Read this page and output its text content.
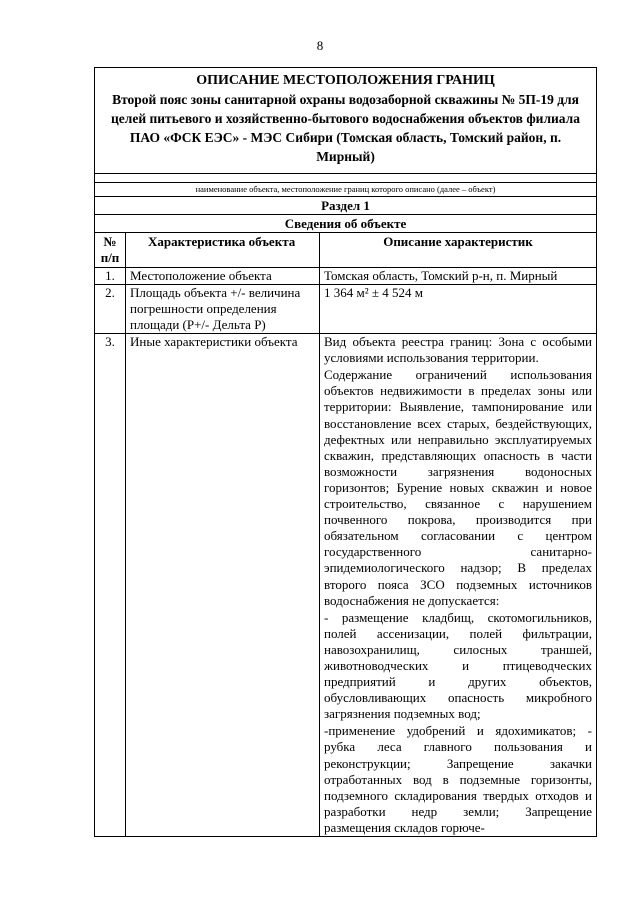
8
ОПИСАНИЕ МЕСТОПОЛОЖЕНИЯ ГРАНИЦ
Второй пояс зоны санитарной охраны водозаборной скважины № 5П-19 для целей питьевого и хозяйственно-бытового водоснабжения объектов филиала ПАО «ФСК ЕЭС» - МЭС Сибири (Томская область, Томский район, п. Мирный)		

наименование объекта, местоположение границ которого описано (далее – объект)		
Раздел 1		
Сведения об объекте		
№ п/п	Характеристика объекта	Описание характеристик
1.	Местоположение объекта	Томская область, Томский р-н, п. Мирный

2.	Площадь объекта +/- величина погрешности определения площади (Р+/- Дельта Р)	1 364 м² ± 4 524 м

3.	Иные характеристики объекта	Вид объекта реестра границ: Зона с особыми условиями использования территории.

Содержание ограничений использования объектов недвижимости в пределах зоны или территории: Выявление, тампонирование или восстановление всех старых, бездействующих, дефектных или неправильно эксплуатируемых скважин, представляющих опасность в части возможности загрязнения водоносных горизонтов; Бурение новых скважин и новое строительство, связанное с нарушением почвенного покрова, производится при обязательном согласовании с центром государственного санитарно-эпидемиологического надзор; В пределах второго пояса ЗСО подземных источников водоснабжения не допускается:

- размещение кладбищ, скотомогильников, полей ассенизации, полей фильтрации, навозохранилищ, силосных траншей, животноводческих и птицеводческих предприятий и других объектов, обусловливающих опасность микробного загрязнения подземных вод;

-применение удобрений и ядохимикатов; - рубка леса главного пользования и реконструкции; Запрещение закачки отработанных вод в подземные горизонты, подземного складирования твердых отходов и разработки недр земли; Запрещение размещения складов горюче-
